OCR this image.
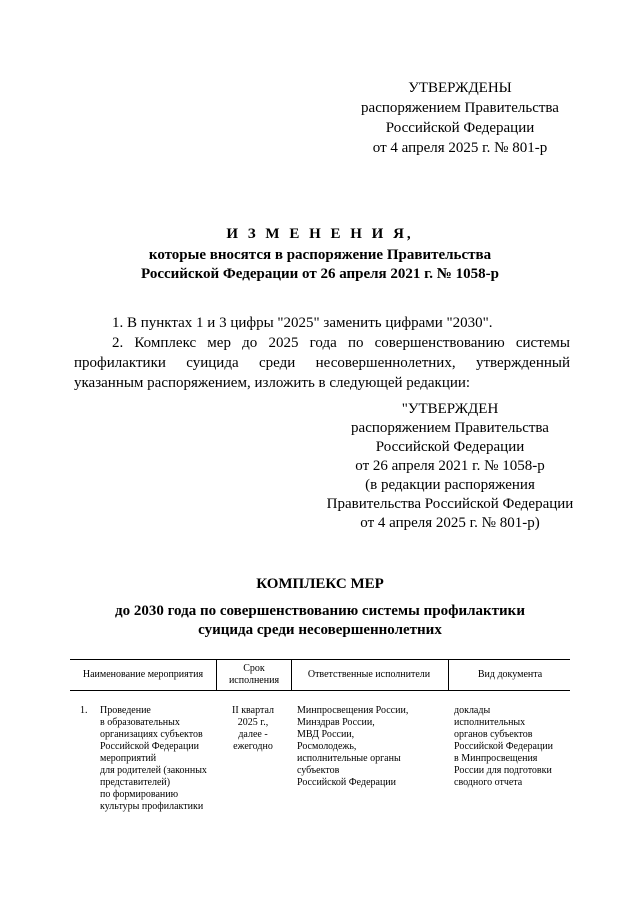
УТВЕРЖДЕНЫ
распоряжением Правительства
Российской Федерации
от 4 апреля 2025 г. № 801-р
И З М Е Н Е Н И Я,
которые вносятся в распоряжение Правительства
Российской Федерации от 26 апреля 2021 г. № 1058-р
1. В пунктах 1 и 3 цифры "2025" заменить цифрами "2030".
2. Комплекс мер до 2025 года по совершенствованию системы профилактики суицида среди несовершеннолетних, утвержденный указанным распоряжением, изложить в следующей редакции:
"УТВЕРЖДЕН
распоряжением Правительства
Российской Федерации
от 26 апреля 2021 г. № 1058-р
(в редакции распоряжения
Правительства Российской Федерации
от 4 апреля 2025 г. № 801-р)
КОМПЛЕКС МЕР
до 2030 года по совершенствованию системы профилактики
суицида среди несовершеннолетних
Наименование мероприятия
Срок
исполнения
Ответственные исполнители	Вид документа
1. Проведение
в образовательных
организациях субъектов
Российской Федерации
мероприятий
для родителей (законных
представителей)
по формированию
культуры профилактики
II квартал
2025 г.,
далее -
ежегодно
Минпросвещения России,
Минздрав России,
МВД России,
Росмолодежь,
исполнительные органы
субъектов
Российской Федерации
доклады
исполнительных
органов субъектов
Российской Федерации
в Минпросвещения
России для подготовки
сводного отчета
